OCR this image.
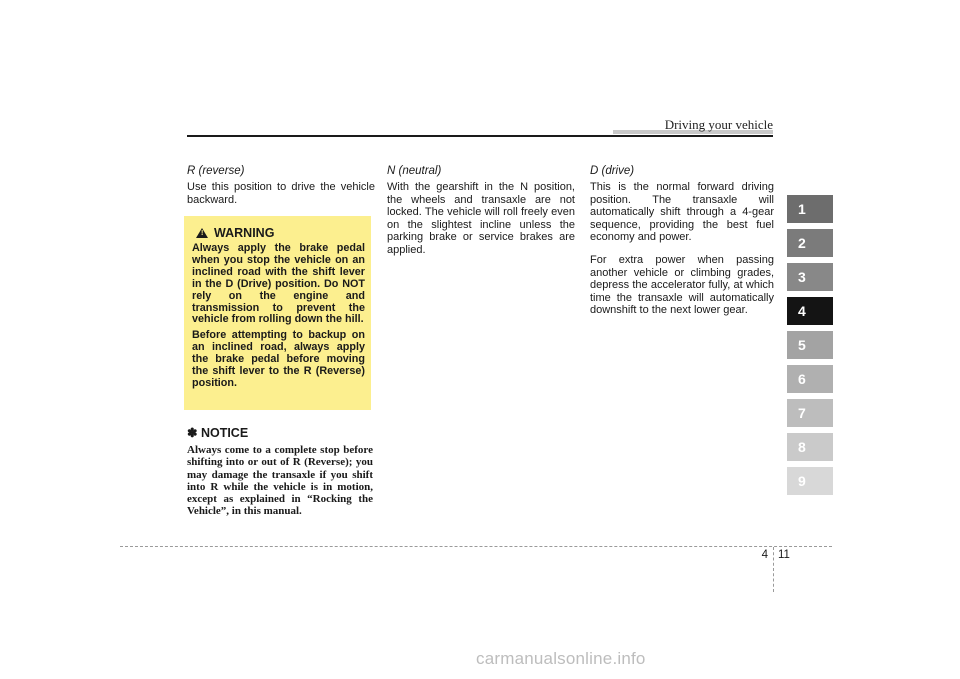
Driving your vehicle

R (reverse)

Use this position to drive the vehicle backward.

! WARNING

Always apply the brake pedal when you stop the vehicle on an inclined road with the shift lever in the D (Drive) position. Do NOT rely on the engine and transmission to prevent the vehicle from rolling down the hill.

Before attempting to backup on an inclined road, always apply the brake pedal before moving the shift lever to the R (Reverse) position.

✽ NOTICE
Always come to a complete stop before shifting into or out of R (Reverse); you may damage the transaxle if you shift into R while the vehicle is in motion, except as explained in “Rocking the Vehicle”, in this manual.

N (neutral)

With the gearshift in the N position, the wheels and transaxle are not locked. The vehicle will roll freely even on the slightest incline unless the parking brake or service brakes are applied.

D (drive)

This is the normal forward driving position. The transaxle will automatically shift through a 4-gear sequence, providing the best fuel economy and power.

For extra power when passing another vehicle or climbing grades, depress the accelerator fully, at which time the transaxle will automatically downshift to the next lower gear.

1
2
3
4
5
6
7
8
9
4 11
carmanualsonline.info
